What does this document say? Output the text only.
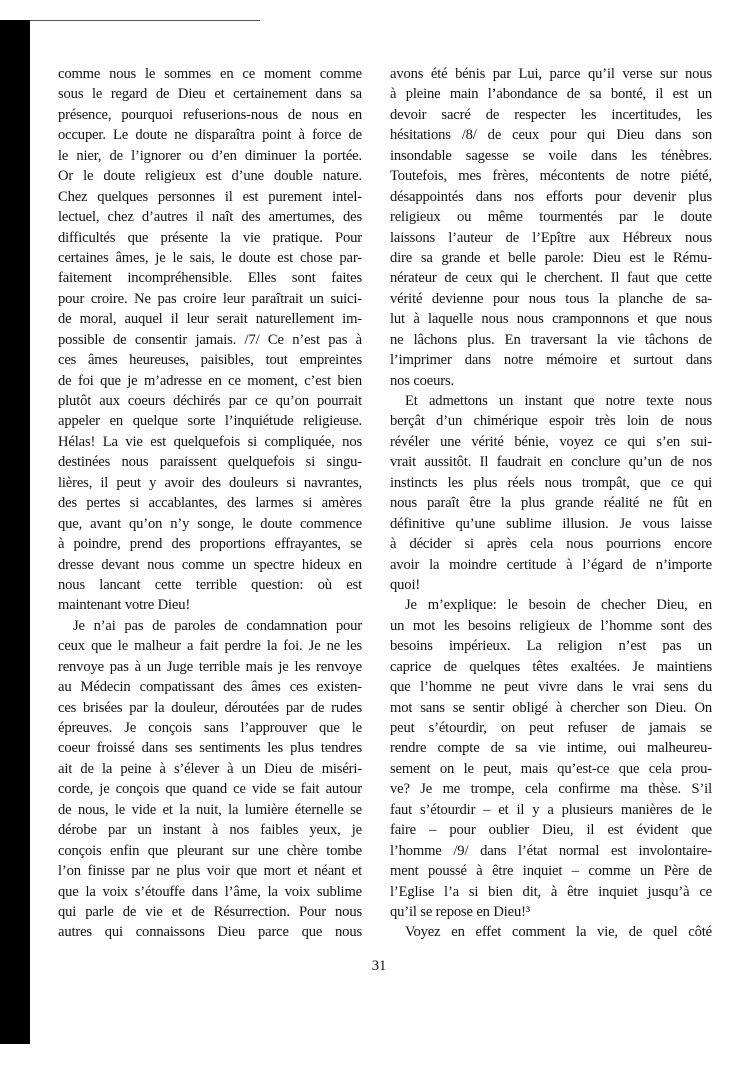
comme nous le sommes en ce moment comme
sous le regard de Dieu et certainement dans sa
présence, pourquoi refuserions-nous de nous en
occuper. Le doute ne disparaîtra point à force de
le nier, de l’ignorer ou d’en diminuer la portée.
Or le doute religieux est d’une double nature.
Chez quelques personnes il est purement intel-
lectuel, chez d’autres il naît des amertumes, des
difficultés que présente la vie pratique. Pour
certaines âmes, je le sais, le doute est chose par-
faitement incompréhensible. Elles sont faites
pour croire. Ne pas croire leur paraîtrait un suici-
de moral, auquel il leur serait naturellement im-
possible de consentir jamais. /7/ Ce n’est pas à
ces âmes heureuses, paisibles, tout empreintes
de foi que je m’adresse en ce moment, c’est bien
plutôt aux coeurs déchirés par ce qu’on pourrait
appeler en quelque sorte l’inquiétude religieuse.
Hélas! La vie est quelquefois si compliquée, nos
destinées nous paraissent quelquefois si singu-
lières, il peut y avoir des douleurs si navrantes,
des pertes si accablantes, des larmes si amères
que, avant qu’on n’y songe, le doute commence
à poindre, prend des proportions effrayantes, se
dresse devant nous comme un spectre hideux en
nous lancant cette terrible question: où est
maintenant votre Dieu!
Je n’ai pas de paroles de condamnation pour
ceux que le malheur a fait perdre la foi. Je ne les
renvoye pas à un Juge terrible mais je les renvoye
au Médecin compatissant des âmes ces existen-
ces brisées par la douleur, déroutées par de rudes
épreuves. Je conçois sans l’approuver que le
coeur froissé dans ses sentiments les plus tendres
ait de la peine à s’élever à un Dieu de miséri-
corde, je conçois que quand ce vide se fait autour
de nous, le vide et la nuit, la lumière éternelle se
dérobe par un instant à nos faibles yeux, je
conçois enfin que pleurant sur une chère tombe
l’on finisse par ne plus voir que mort et néant et
que la voix s’étouffe dans l’âme, la voix sublime
qui parle de vie et de Résurrection. Pour nous
autres qui connaissons Dieu parce que nous
avons été bénis par Lui, parce qu’il verse sur nous
à pleine main l’abondance de sa bonté, il est un
devoir sacré de respecter les incertitudes, les
hésitations /8/ de ceux pour qui Dieu dans son
insondable sagesse se voile dans les ténèbres.
Toutefois, mes frères, mécontents de notre piété,
désappointés dans nos efforts pour devenir plus
religieux ou même tourmentés par le doute
laissons l’auteur de l’Epître aux Hébreux nous
dire sa grande et belle parole: Dieu est le Rému-
nérateur de ceux qui le cherchent. Il faut que cette
vérité devienne pour nous tous la planche de sa-
lut à laquelle nous nous cramponnons et que nous
ne lâchons plus. En traversant la vie tâchons de
l’imprimer dans notre mémoire et surtout dans
nos coeurs.
Et admettons un instant que notre texte nous
berçât d’un chimérique espoir très loin de nous
révéler une vérité bénie, voyez ce qui s’en sui-
vrait aussitôt. Il faudrait en conclure qu’un de nos
instincts les plus réels nous trompât, que ce qui
nous paraît être la plus grande réalité ne fût en
définitive qu’une sublime illusion. Je vous laisse
à décider si après cela nous pourrions encore
avoir la moindre certitude à l’égard de n’importe
quoi!
Je m’explique: le besoin de checher Dieu, en
un mot les besoins religieux de l’homme sont des
besoins impérieux. La religion n’est pas un
caprice de quelques têtes exaltées. Je maintiens
que l’homme ne peut vivre dans le vrai sens du
mot sans se sentir obligé à chercher son Dieu. On
peut s’étourdir, on peut refuser de jamais se
rendre compte de sa vie intime, oui malheureu-
sement on le peut, mais qu’est-ce que cela prou-
ve? Je me trompe, cela confirme ma thèse. S’il
faut s’étourdir – et il y a plusieurs manières de le
faire – pour oublier Dieu, il est évident que
l’homme /9/ dans l’état normal est involontaire-
ment poussé à être inquiet – comme un Père de
l’Eglise l’a si bien dit, à être inquiet jusqu’à ce
qu’il se repose en Dieu!³
Voyez en effet comment la vie, de quel côté
31
